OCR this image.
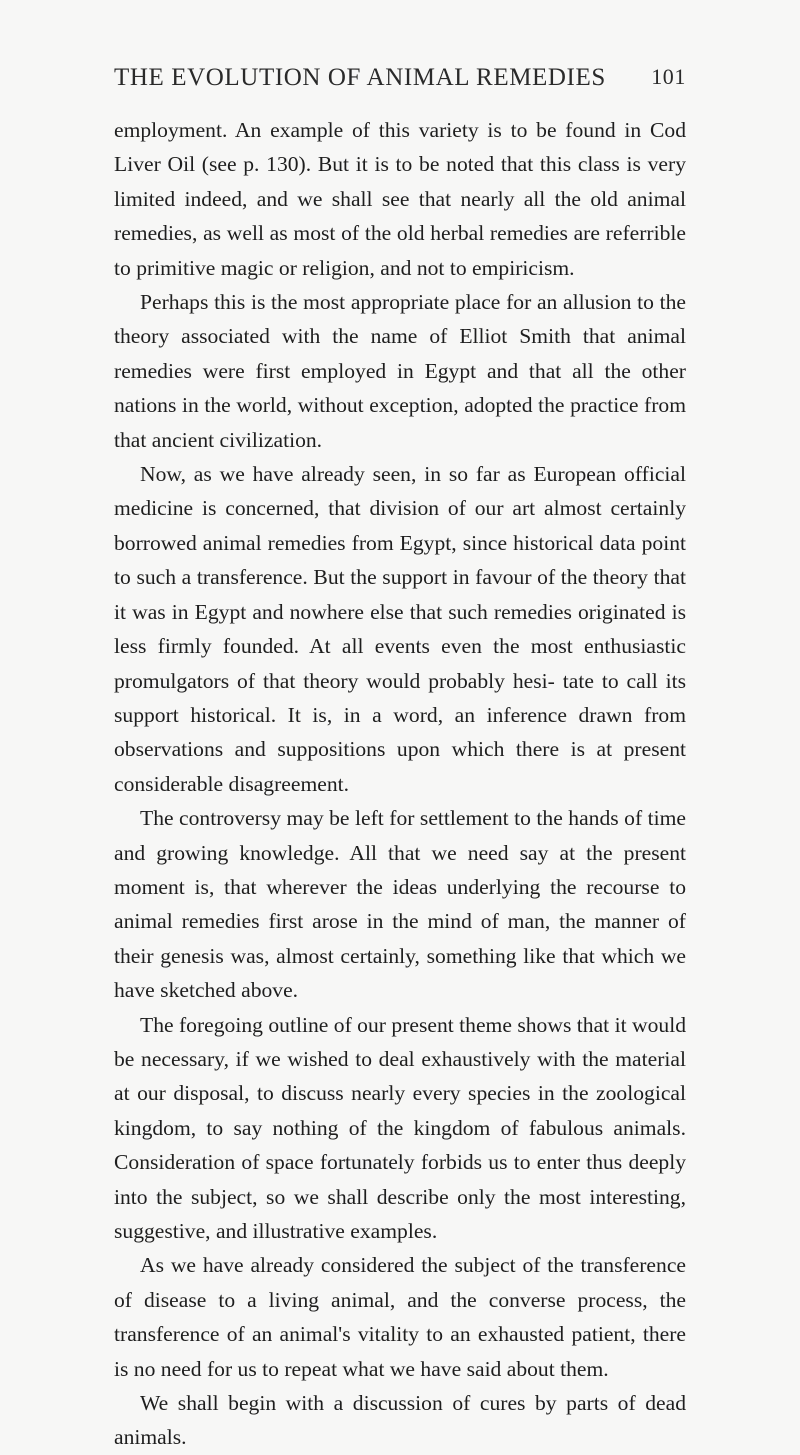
THE EVOLUTION OF ANIMAL REMEDIES 101

employment. An example of this variety is to be found in Cod Liver Oil (see p. 130). But it is to be noted that this class is very limited indeed, and we shall see that nearly all the old animal remedies, as well as most of the old herbal remedies are referrible to primitive magic or religion, and not to empiricism.

Perhaps this is the most appropriate place for an allusion to the theory associated with the name of Elliot Smith that animal remedies were first employed in Egypt and that all the other nations in the world, without exception, adopted the practice from that ancient civilization.

Now, as we have already seen, in so far as European official medicine is concerned, that division of our art almost certainly borrowed animal remedies from Egypt, since historical data point to such a transference. But the support in favour of the theory that it was in Egypt and nowhere else that such remedies originated is less firmly founded. At all events even the most enthusiastic promulgators of that theory would probably hesi- tate to call its support historical. It is, in a word, an inference drawn from observations and suppositions upon which there is at present considerable disagreement.

The controversy may be left for settlement to the hands of time and growing knowledge. All that we need say at the present moment is, that wherever the ideas underlying the recourse to animal remedies first arose in the mind of man, the manner of their genesis was, almost certainly, something like that which we have sketched above.

The foregoing outline of our present theme shows that it would be necessary, if we wished to deal exhaustively with the material at our disposal, to discuss nearly every species in the zoological kingdom, to say nothing of the kingdom of fabulous animals. Consideration of space fortunately forbids us to enter thus deeply into the subject, so we shall describe only the most interesting, suggestive, and illustrative examples.

As we have already considered the subject of the transference of disease to a living animal, and the converse process, the transference of an animal's vitality to an exhausted patient, there is no need for us to repeat what we have said about them.

We shall begin with a discussion of cures by parts of dead animals.
